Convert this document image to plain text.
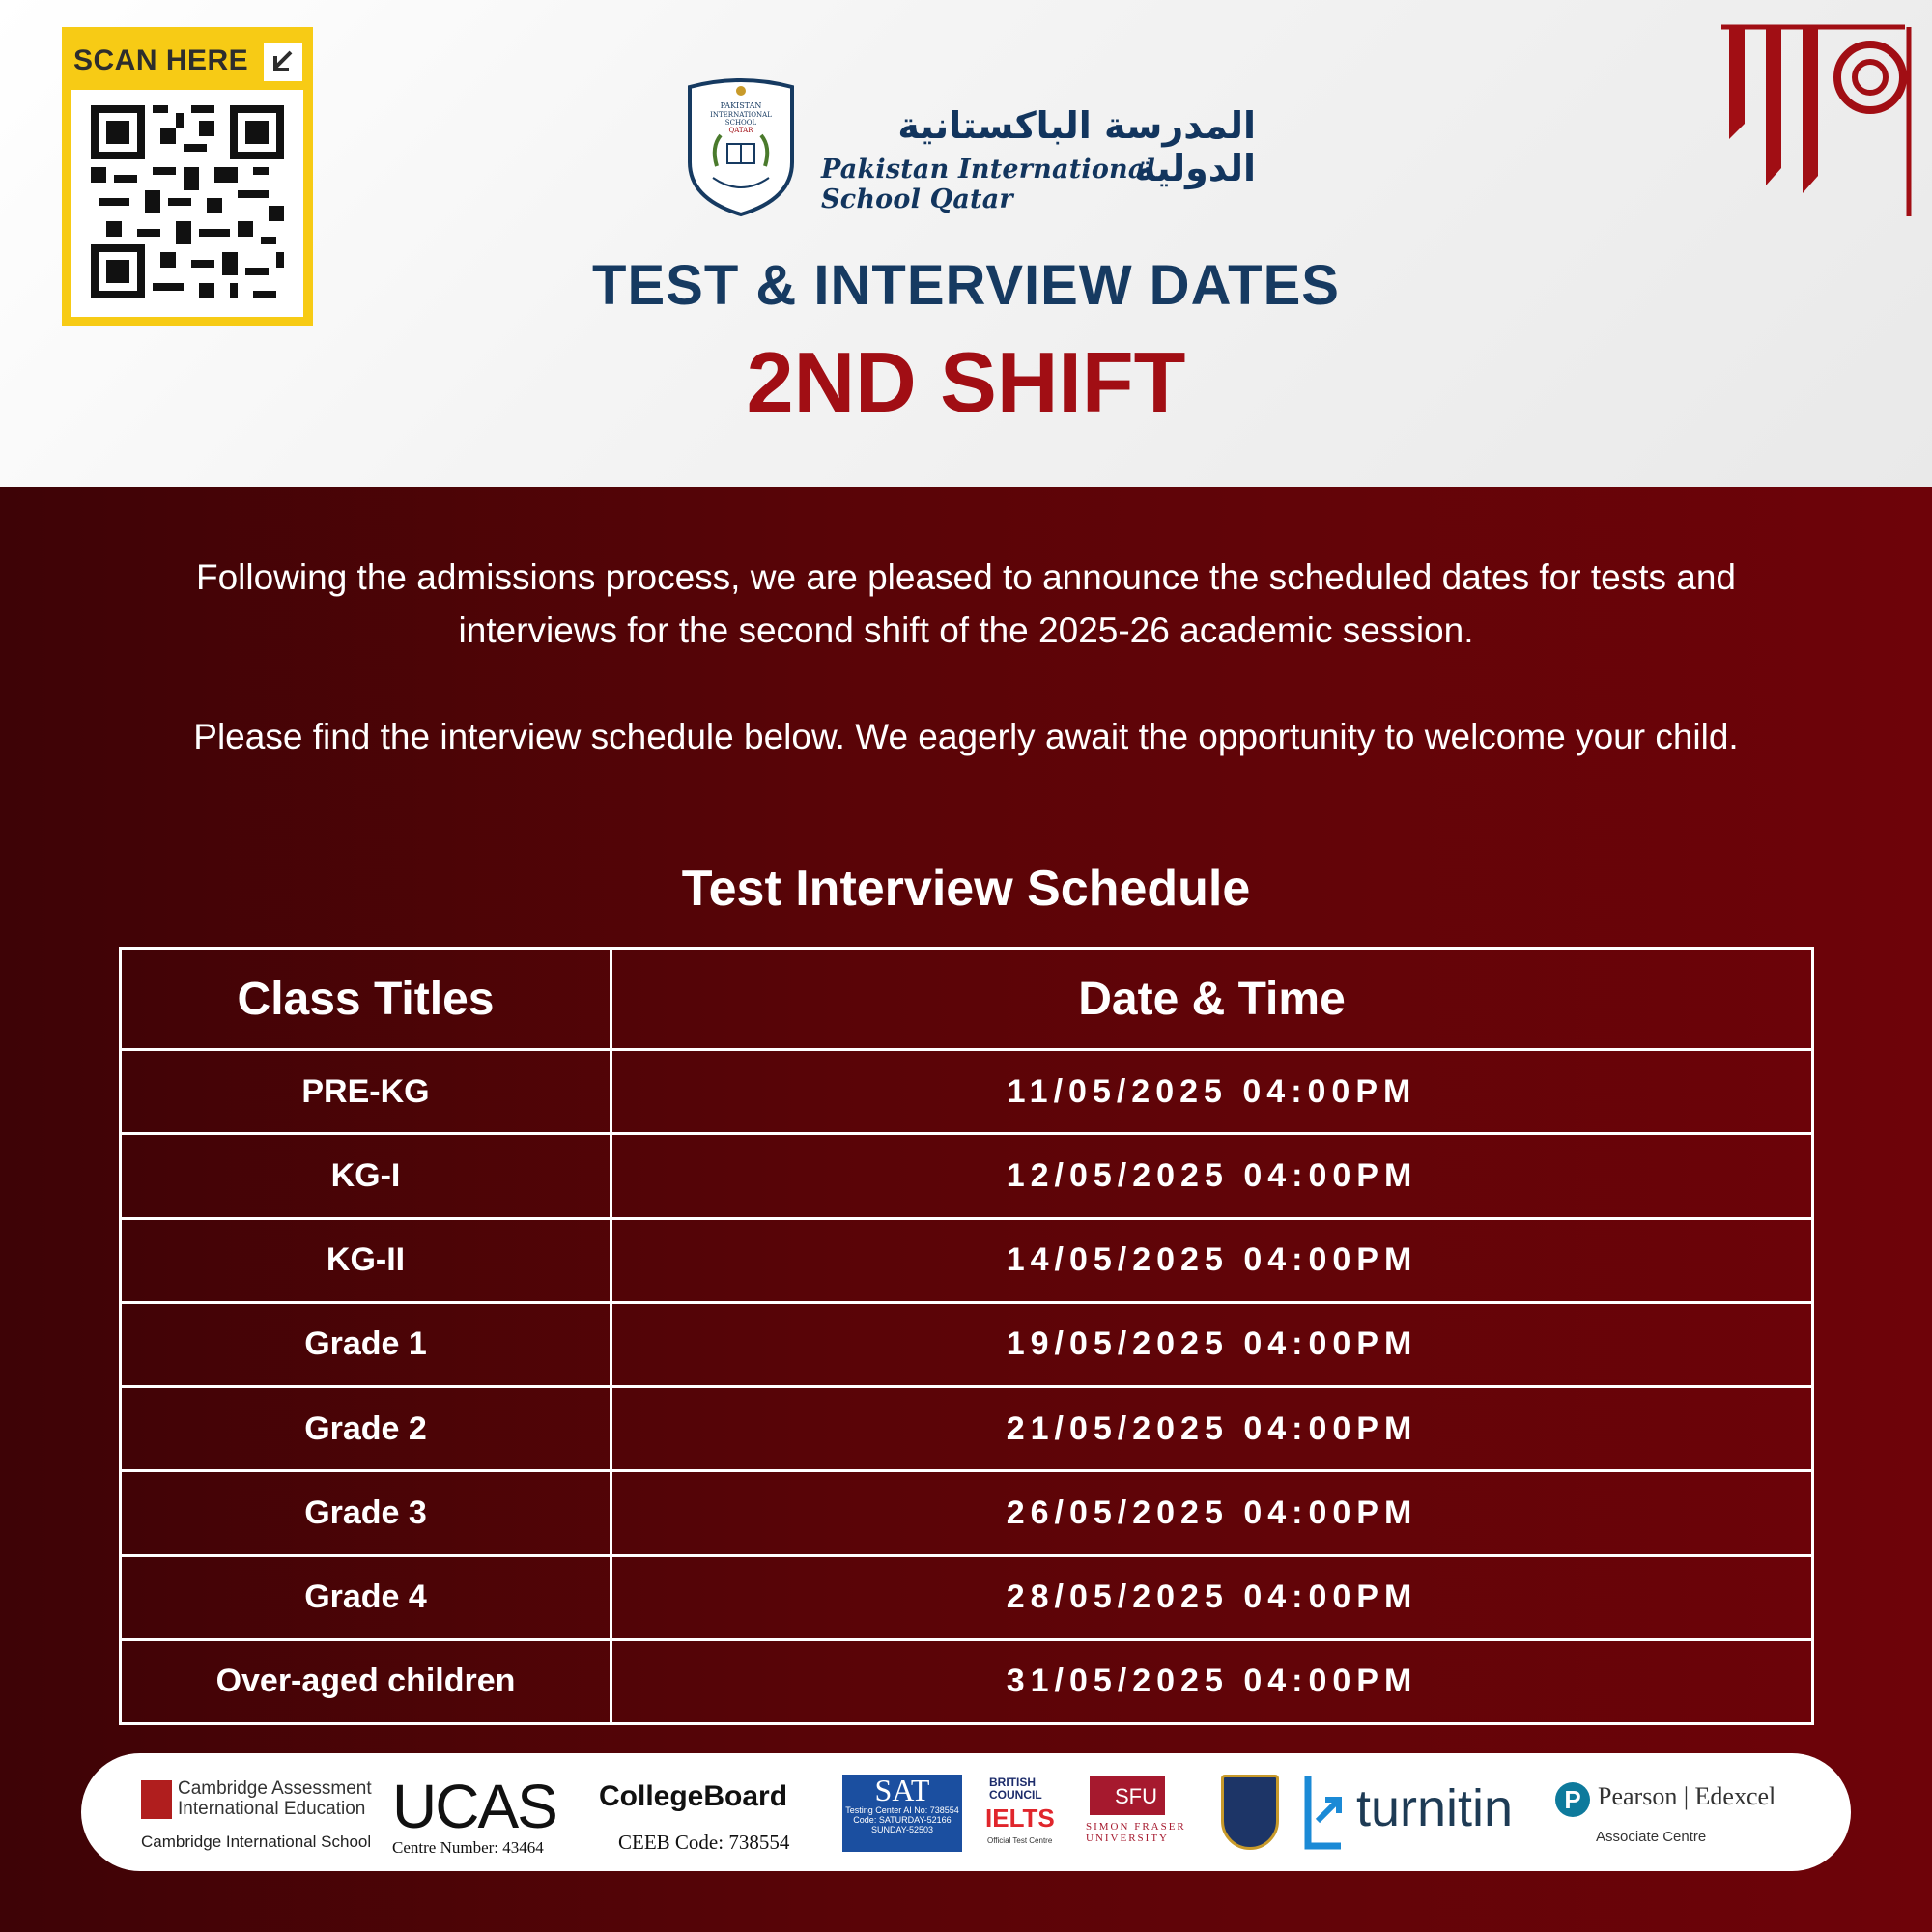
SCAN HERE
PAKISTAN
INTERNATIONAL
SCHOOL
QATAR	المدرسة الباكستانية الدولية
Pakistan International School Qatar
TEST & INTERVIEW DATES
2ND SHIFT

Following the admissions process, we are pleased to announce the scheduled dates for tests and interviews for the second shift of the 2025-26 academic session.

Please find the interview schedule below. We eagerly await the opportunity to welcome your child.

Test Interview Schedule
Class Titles	Date & Time
PRE-KG	11/05/2025 04:00PM
KG-I	12/05/2025 04:00PM
KG-II	14/05/2025 04:00PM
Grade 1	19/05/2025 04:00PM
Grade 2	21/05/2025 04:00PM
Grade 3	26/05/2025 04:00PM
Grade 4	28/05/2025 04:00PM
Over-aged children	31/05/2025 04:00PM
Cambridge Assessment International Education
Cambridge International School
UCAS
Centre Number: 43464
CollegeBoard
CEEB Code: 738554
SAT
Testing Center AI No: 738554 Code: SATURDAY-52166 SUNDAY-52503
BRITISH COUNCIL
IELTS
Official Test Centre
SFU
SIMON FRASER UNIVERSITY
turnitin	P Pearson | Edexcel
Associate Centre
